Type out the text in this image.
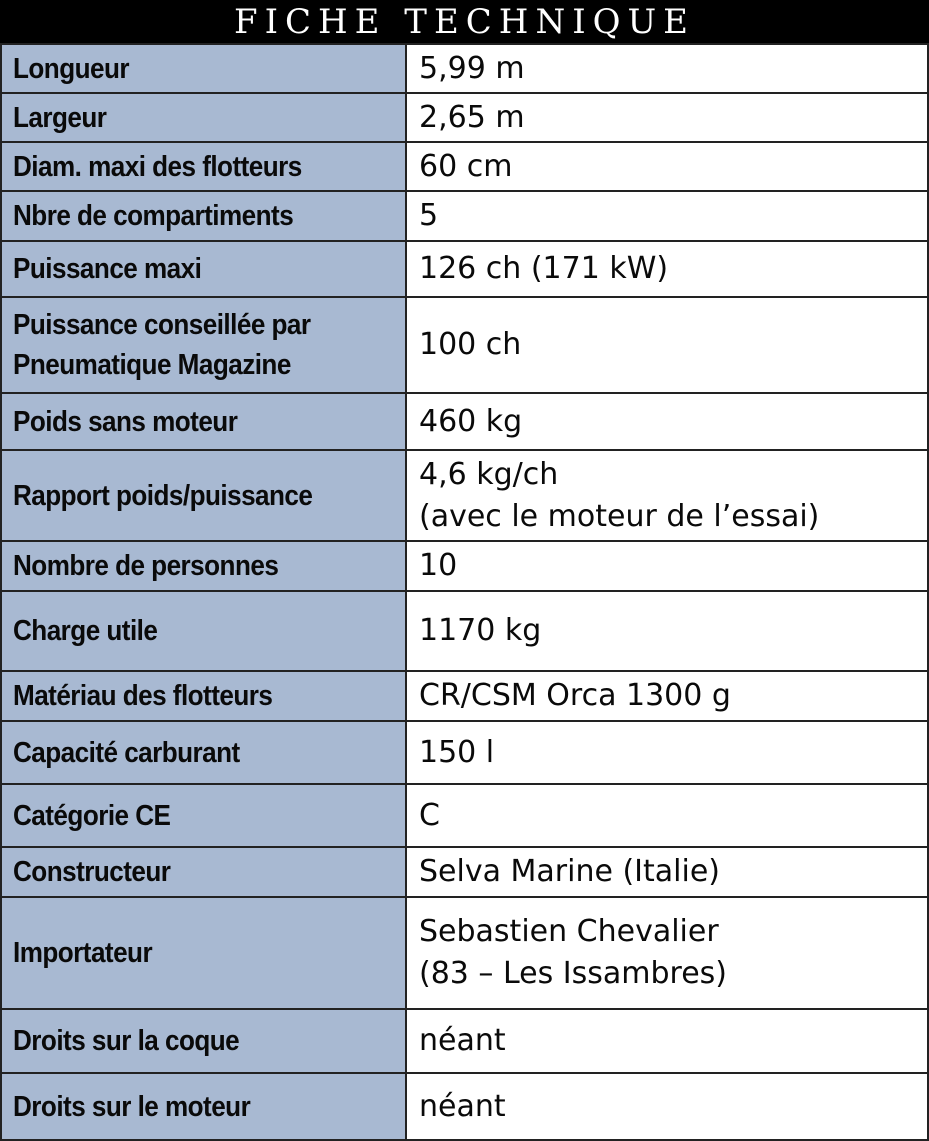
FICHE TECHNIQUE
Longueur	5,99 m
Largeur	2,65 m
Diam. maxi des flotteurs	60 cm
Nbre de compartiments	5
Puissance maxi	126 ch (171 kW)
Puissance conseillée par
Pneumatique Magazine	100 ch
Poids sans moteur	460 kg
Rapport poids/puissance	4,6 kg/ch
(avec le moteur de l’essai)
Nombre de personnes	10
Charge utile	1170 kg
Matériau des flotteurs	CR/CSM Orca 1300 g
Capacité carburant	150 l
Catégorie CE	C
Constructeur	Selva Marine (Italie)
Importateur	Sebastien Chevalier
(83 – Les Issambres)
Droits sur la coque	néant
Droits sur le moteur	néant
